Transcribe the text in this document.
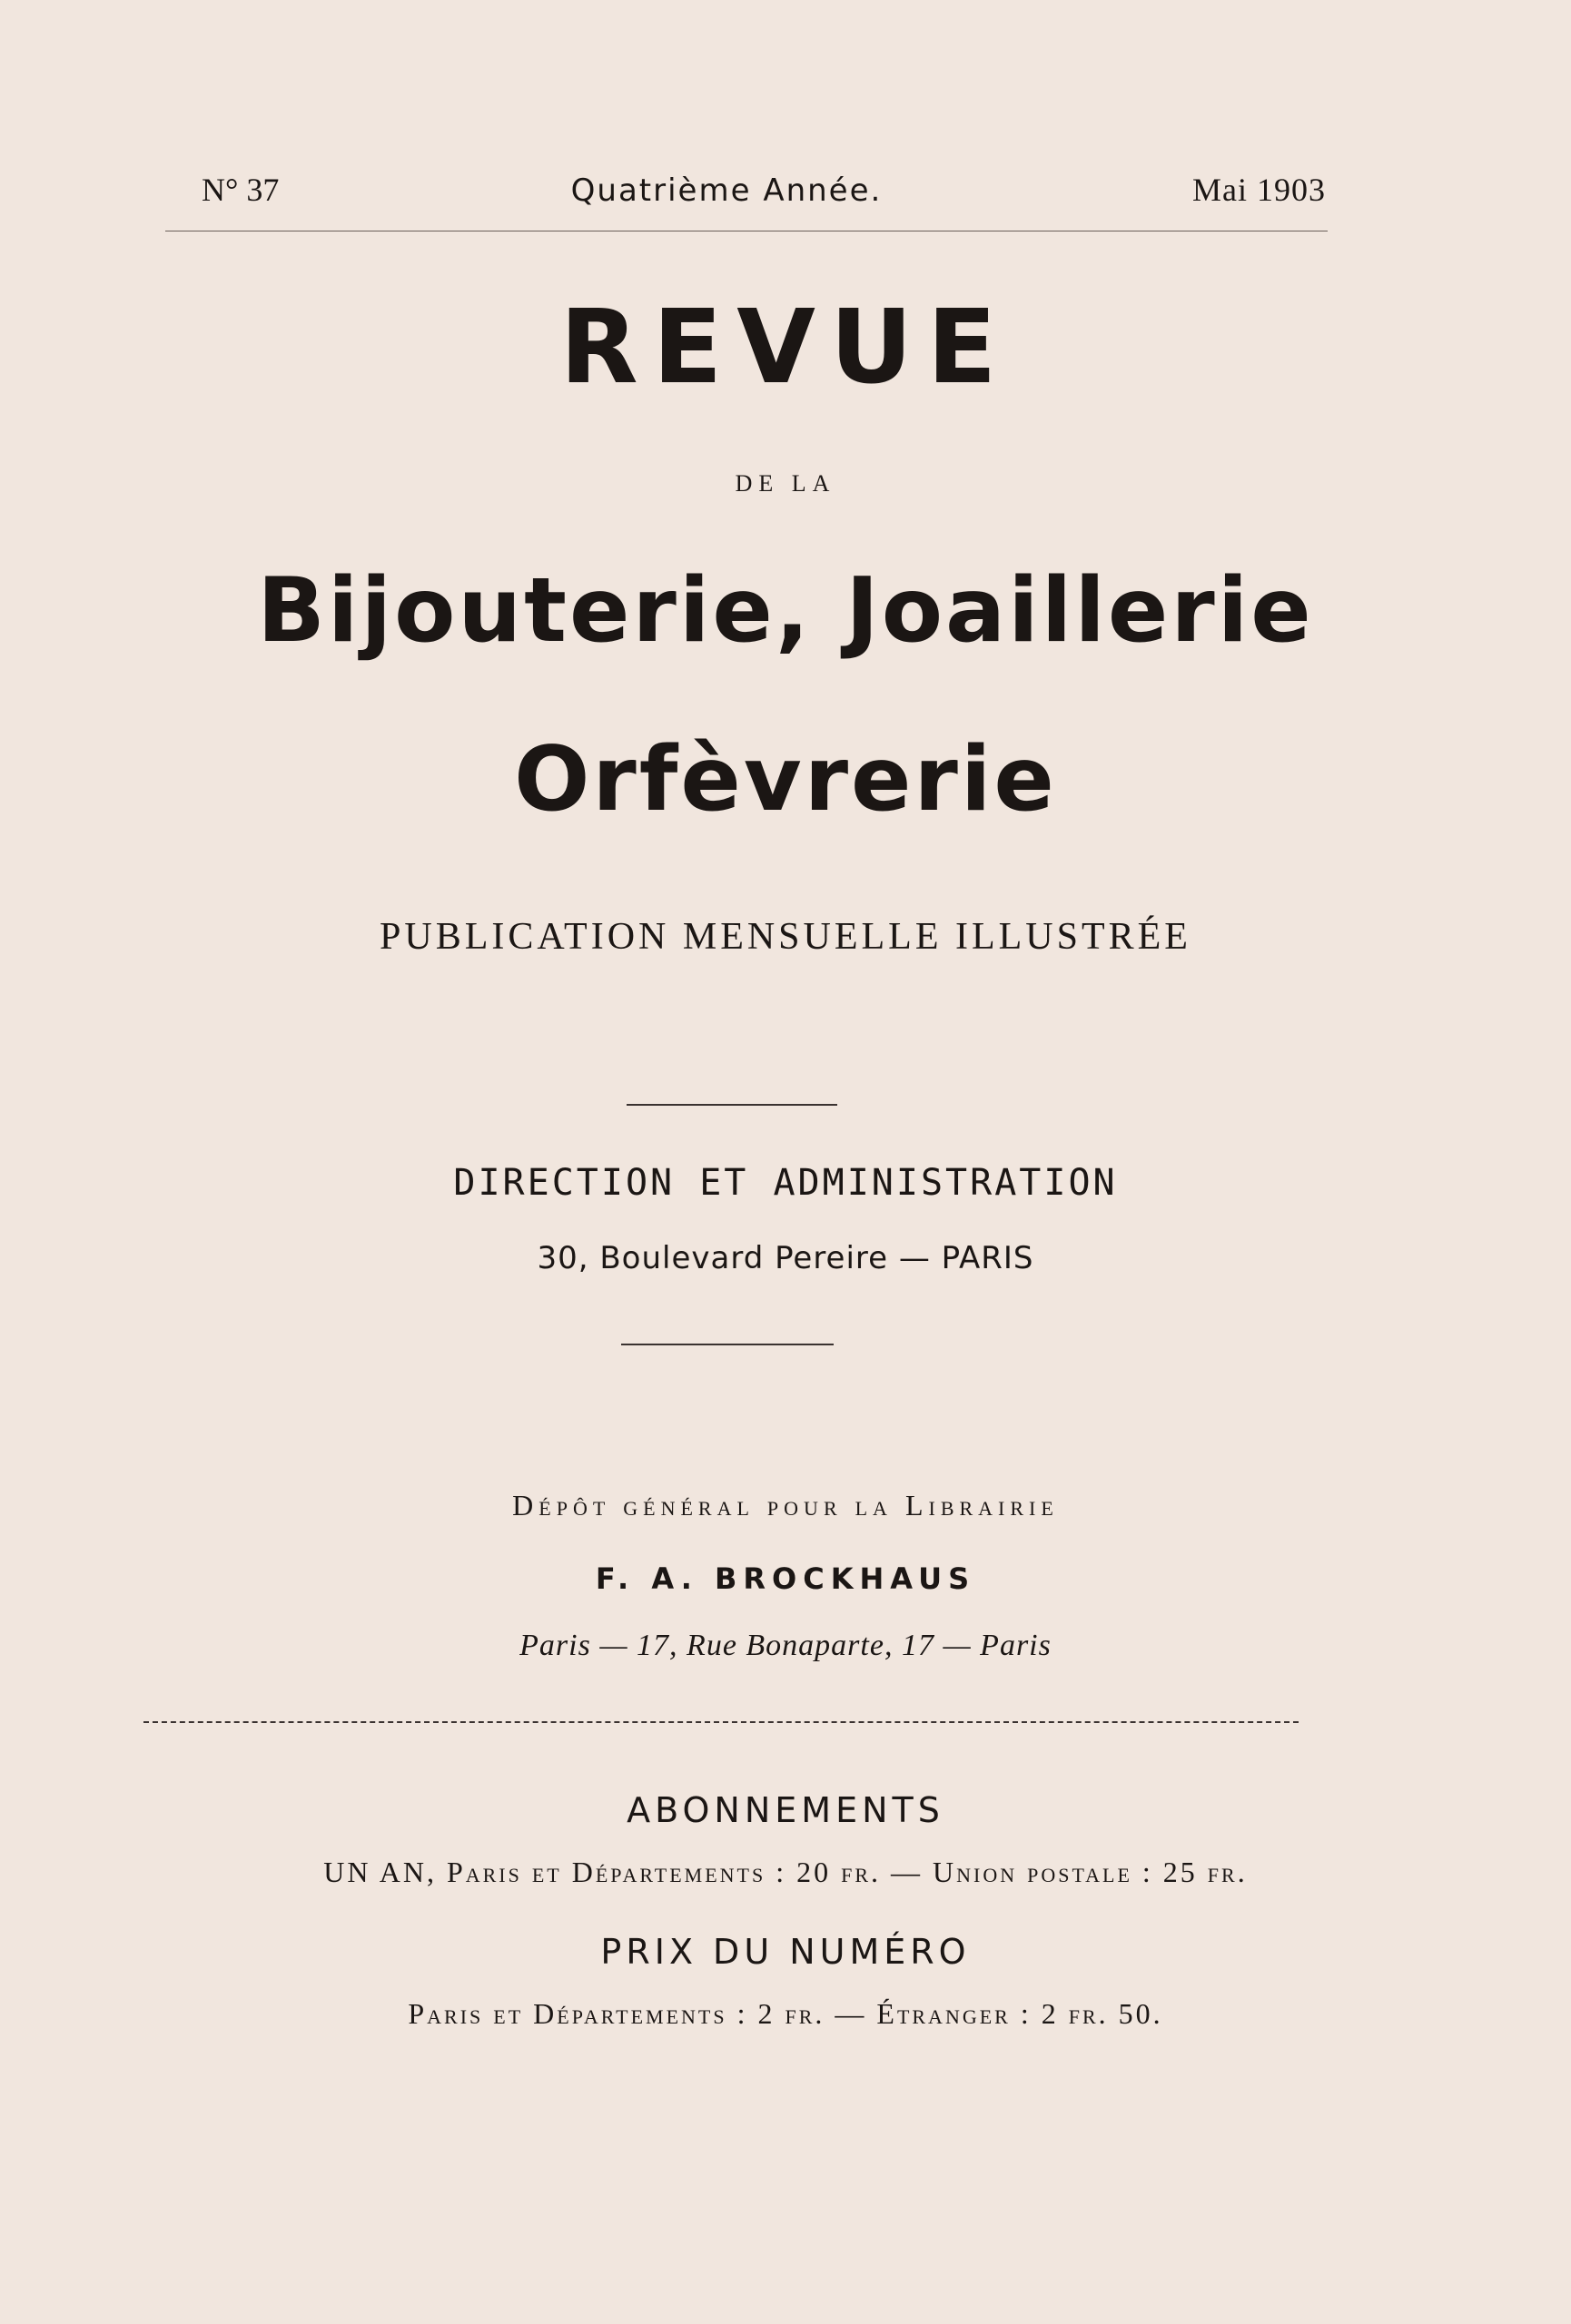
N° 37	Quatrième Année.	Mai 1903
REVUE
DE LA
Bijouterie, Joaillerie
Orfèvrerie
PUBLICATION MENSUELLE ILLUSTRÉE
DIRECTION ET ADMINISTRATION
30, Boulevard Pereire — PARIS
Dépôt général pour la Librairie
F. A. BROCKHAUS
Paris — 17, Rue Bonaparte, 17 — Paris
ABONNEMENTS
UN AN, Paris et Départements : 20 fr. — Union postale : 25 fr.
PRIX DU NUMÉRO
Paris et Départements : 2 fr. — Étranger : 2 fr. 50.
